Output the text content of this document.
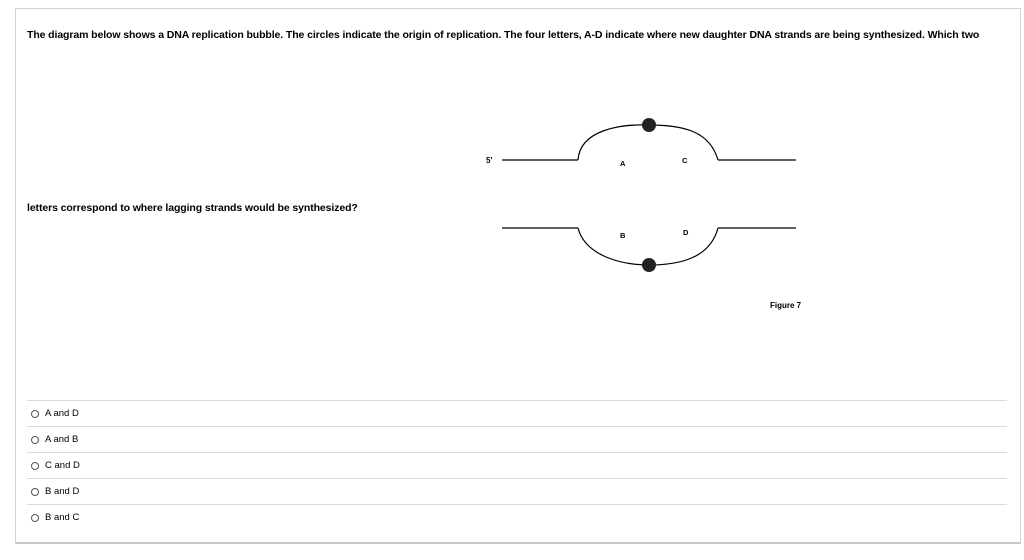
The diagram below shows a DNA replication bubble. The circles indicate the origin of replication. The four letters, A-D indicate where new daughter DNA strands are being synthesized. Which two
letters correspond to where lagging strands would be synthesized?
5'	A	C
B	D
Figure 7
A and D
A and B
C and D
B and D
B and C
